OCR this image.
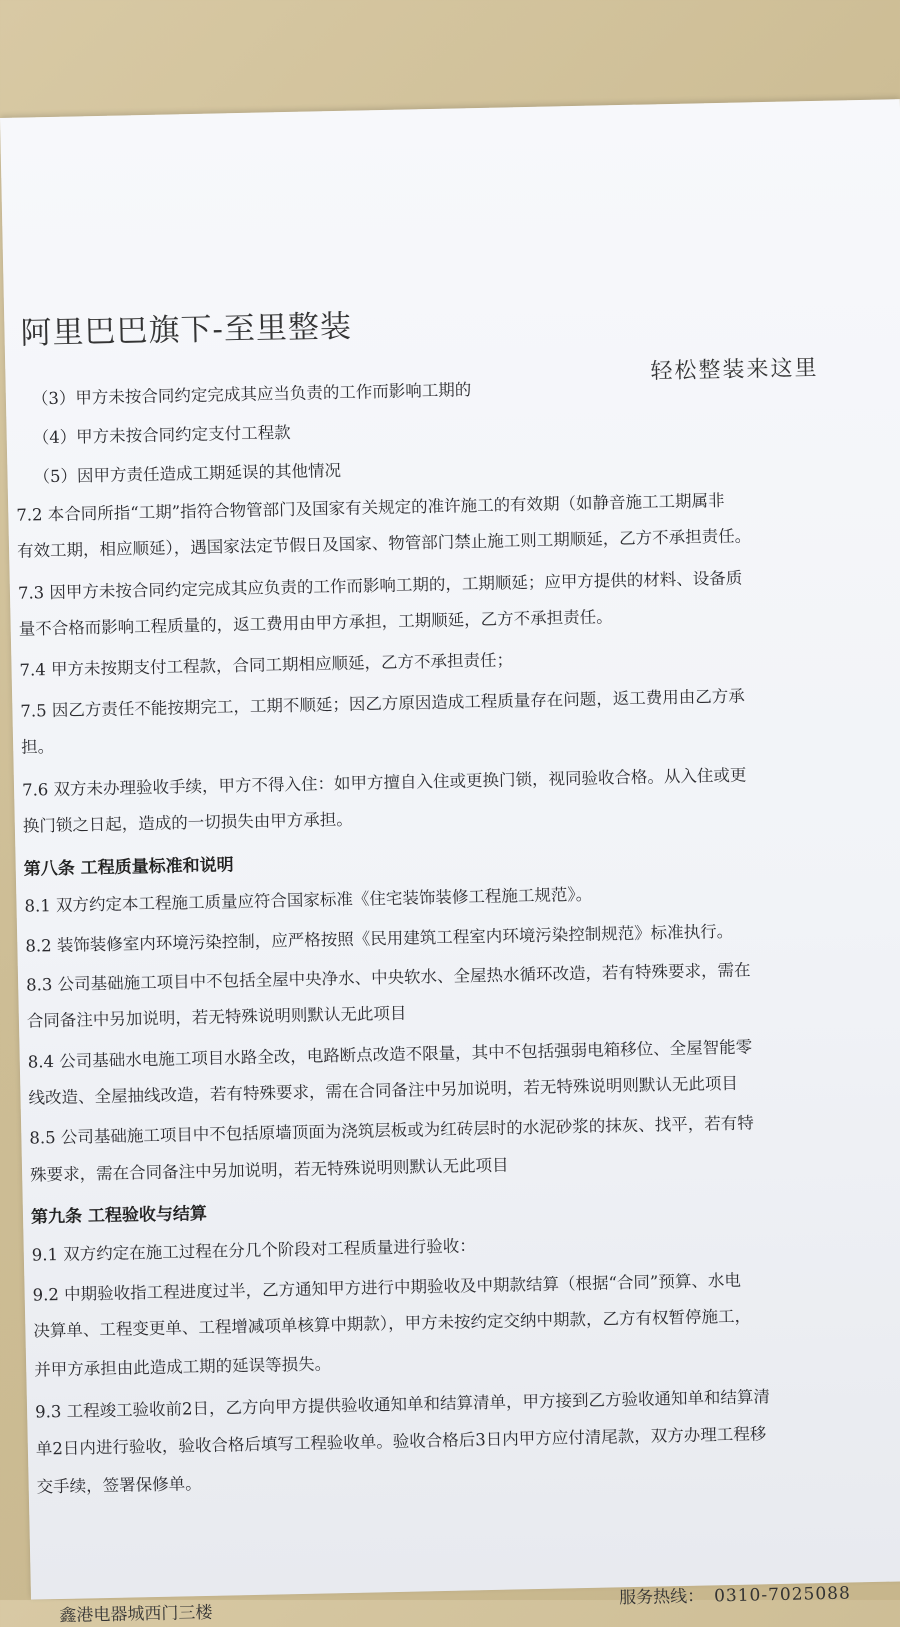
阿里巴巴旗下-至里整装
轻松整装来这里
（3）甲方未按合同约定完成其应当负责的工作而影响工期的
（4）甲方未按合同约定支付工程款
（5）因甲方责任造成工期延误的其他情况
7.2 本合同所指“工期”指符合物管部门及国家有关规定的准许施工的有效期（如静音施工工期属非
有效工期，相应顺延），遇国家法定节假日及国家、物管部门禁止施工则工期顺延，乙方不承担责任。
7.3 因甲方未按合同约定完成其应负责的工作而影响工期的，工期顺延；应甲方提供的材料、设备质
量不合格而影响工程质量的，返工费用由甲方承担，工期顺延，乙方不承担责任。
7.4 甲方未按期支付工程款，合同工期相应顺延，乙方不承担责任；
7.5 因乙方责任不能按期完工，工期不顺延；因乙方原因造成工程质量存在问题，返工费用由乙方承
担。
7.6 双方未办理验收手续，甲方不得入住：如甲方擅自入住或更换门锁，视同验收合格。从入住或更
换门锁之日起，造成的一切损失由甲方承担。
第八条 工程质量标准和说明
8.1 双方约定本工程施工质量应符合国家标准《住宅装饰装修工程施工规范》。
8.2 装饰装修室内环境污染控制，应严格按照《民用建筑工程室内环境污染控制规范》标准执行。
8.3 公司基础施工项目中不包括全屋中央净水、中央软水、全屋热水循环改造，若有特殊要求，需在
合同备注中另加说明，若无特殊说明则默认无此项目
8.4 公司基础水电施工项目水路全改，电路断点改造不限量，其中不包括强弱电箱移位、全屋智能零
线改造、全屋抽线改造，若有特殊要求，需在合同备注中另加说明，若无特殊说明则默认无此项目
8.5 公司基础施工项目中不包括原墙顶面为浇筑层板或为红砖层时的水泥砂浆的抹灰、找平，若有特
殊要求，需在合同备注中另加说明，若无特殊说明则默认无此项目
第九条 工程验收与结算
9.1 双方约定在施工过程在分几个阶段对工程质量进行验收：
9.2 中期验收指工程进度过半，乙方通知甲方进行中期验收及中期款结算（根据“合同”预算、水电
决算单、工程变更单、工程增减项单核算中期款），甲方未按约定交纳中期款，乙方有权暂停施工，
并甲方承担由此造成工期的延误等损失。
9.3 工程竣工验收前2日，乙方向甲方提供验收通知单和结算清单，甲方接到乙方验收通知单和结算清
单2日内进行验收，验收合格后填写工程验收单。验收合格后3日内甲方应付清尾款，双方办理工程移
交手续，签署保修单。
鑫港电器城西门三楼
服务热线： 0310-7025088
